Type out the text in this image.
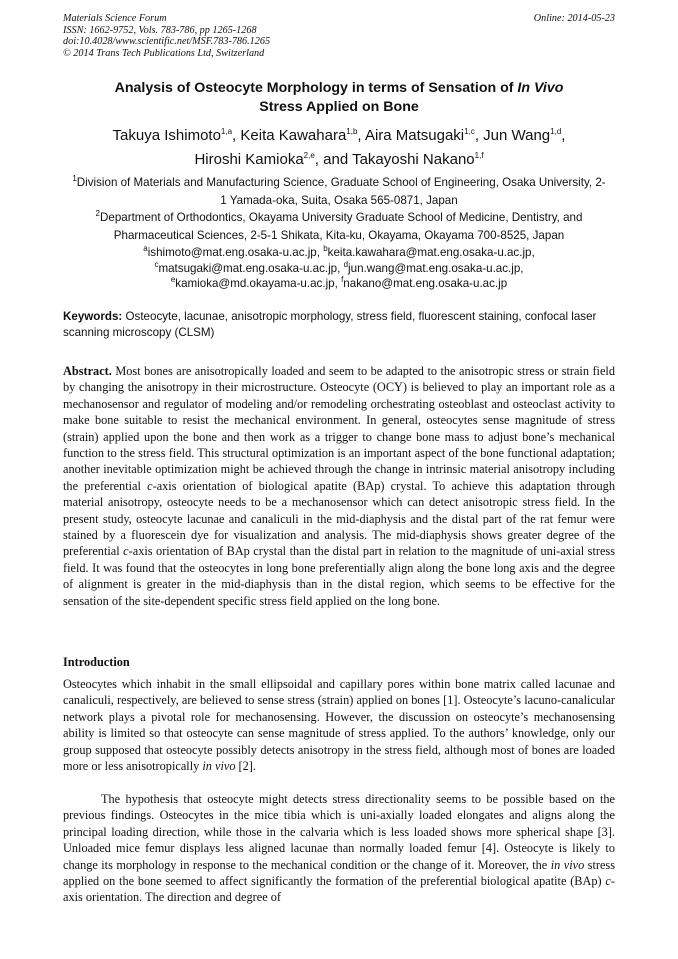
Materials Science Forum
ISSN: 1662-9752, Vols. 783-786, pp 1265-1268
doi:10.4028/www.scientific.net/MSF.783-786.1265
© 2014 Trans Tech Publications Ltd, Switzerland
Online: 2014-05-23
Analysis of Osteocyte Morphology in terms of Sensation of In Vivo
Stress Applied on Bone
Takuya Ishimoto$^{1,a}$, Keita Kawahara$^{1,b}$, Aira Matsugaki$^{1,c}$, Jun Wang$^{1,d}$,
Hiroshi Kamioka$^{2,e}$, and Takayoshi Nakano$^{1,f}$
$^1$Division of Materials and Manufacturing Science, Graduate School of Engineering, Osaka University, 2-1 Yamada-oka, Suita, Osaka 565-0871, Japan
$^2$Department of Orthodontics, Okayama University Graduate School of Medicine, Dentistry, and Pharmaceutical Sciences, 2-5-1 Shikata, Kita-ku, Okayama, Okayama 700-8525, Japan
$^a$ishimoto@mat.eng.osaka-u.ac.jp, $^b$keita.kawahara@mat.eng.osaka-u.ac.jp,
$^c$matsugaki@mat.eng.osaka-u.ac.jp, $^d$jun.wang@mat.eng.osaka-u.ac.jp,
$^e$kamioka@md.okayama-u.ac.jp, $^f$nakano@mat.eng.osaka-u.ac.jp
Keywords: Osteocyte, lacunae, anisotropic morphology, stress field, fluorescent staining, confocal laser scanning microscopy (CLSM)
Abstract. Most bones are anisotropically loaded and seem to be adapted to the anisotropic stress or strain field by changing the anisotropy in their microstructure. Osteocyte (OCY) is believed to play an important role as a mechanosensor and regulator of modeling and/or remodeling orchestrating osteoblast and osteoclast activity to make bone suitable to resist the mechanical environment. In general, osteocytes sense magnitude of stress (strain) applied upon the bone and then work as a trigger to change bone mass to adjust bone’s mechanical function to the stress field. This structural optimization is an important aspect of the bone functional adaptation; another inevitable optimization might be achieved through the change in intrinsic material anisotropy including the preferential c-axis orientation of biological apatite (BAp) crystal. To achieve this adaptation through material anisotropy, osteocyte needs to be a mechanosensor which can detect anisotropic stress field. In the present study, osteocyte lacunae and canaliculi in the mid-diaphysis and the distal part of the rat femur were stained by a fluorescein dye for visualization and analysis. The mid-diaphysis shows greater degree of the preferential c-axis orientation of BAp crystal than the distal part in relation to the magnitude of uni-axial stress field. It was found that the osteocytes in long bone preferentially align along the bone long axis and the degree of alignment is greater in the mid-diaphysis than in the distal region, which seems to be effective for the sensation of the site-dependent specific stress field applied on the long bone.
Introduction
Osteocytes which inhabit in the small ellipsoidal and capillary pores within bone matrix called lacunae and canaliculi, respectively, are believed to sense stress (strain) applied on bones [1]. Osteocyte’s lacuno-canalicular network plays a pivotal role for mechanosensing. However, the discussion on osteocyte’s mechanosensing ability is limited so that osteocyte can sense magnitude of stress applied. To the authors’ knowledge, only our group supposed that osteocyte possibly detects anisotropy in the stress field, although most of bones are loaded more or less anisotropically in vivo [2].
The hypothesis that osteocyte might detects stress directionality seems to be possible based on the previous findings. Osteocytes in the mice tibia which is uni-axially loaded elongates and aligns along the principal loading direction, while those in the calvaria which is less loaded shows more spherical shape [3]. Unloaded mice femur displays less aligned lacunae than normally loaded femur [4]. Osteocyte is likely to change its morphology in response to the mechanical condition or the change of it. Moreover, the in vivo stress applied on the bone seemed to affect significantly the formation of the preferential biological apatite (BAp) c-axis orientation. The direction and degree of
